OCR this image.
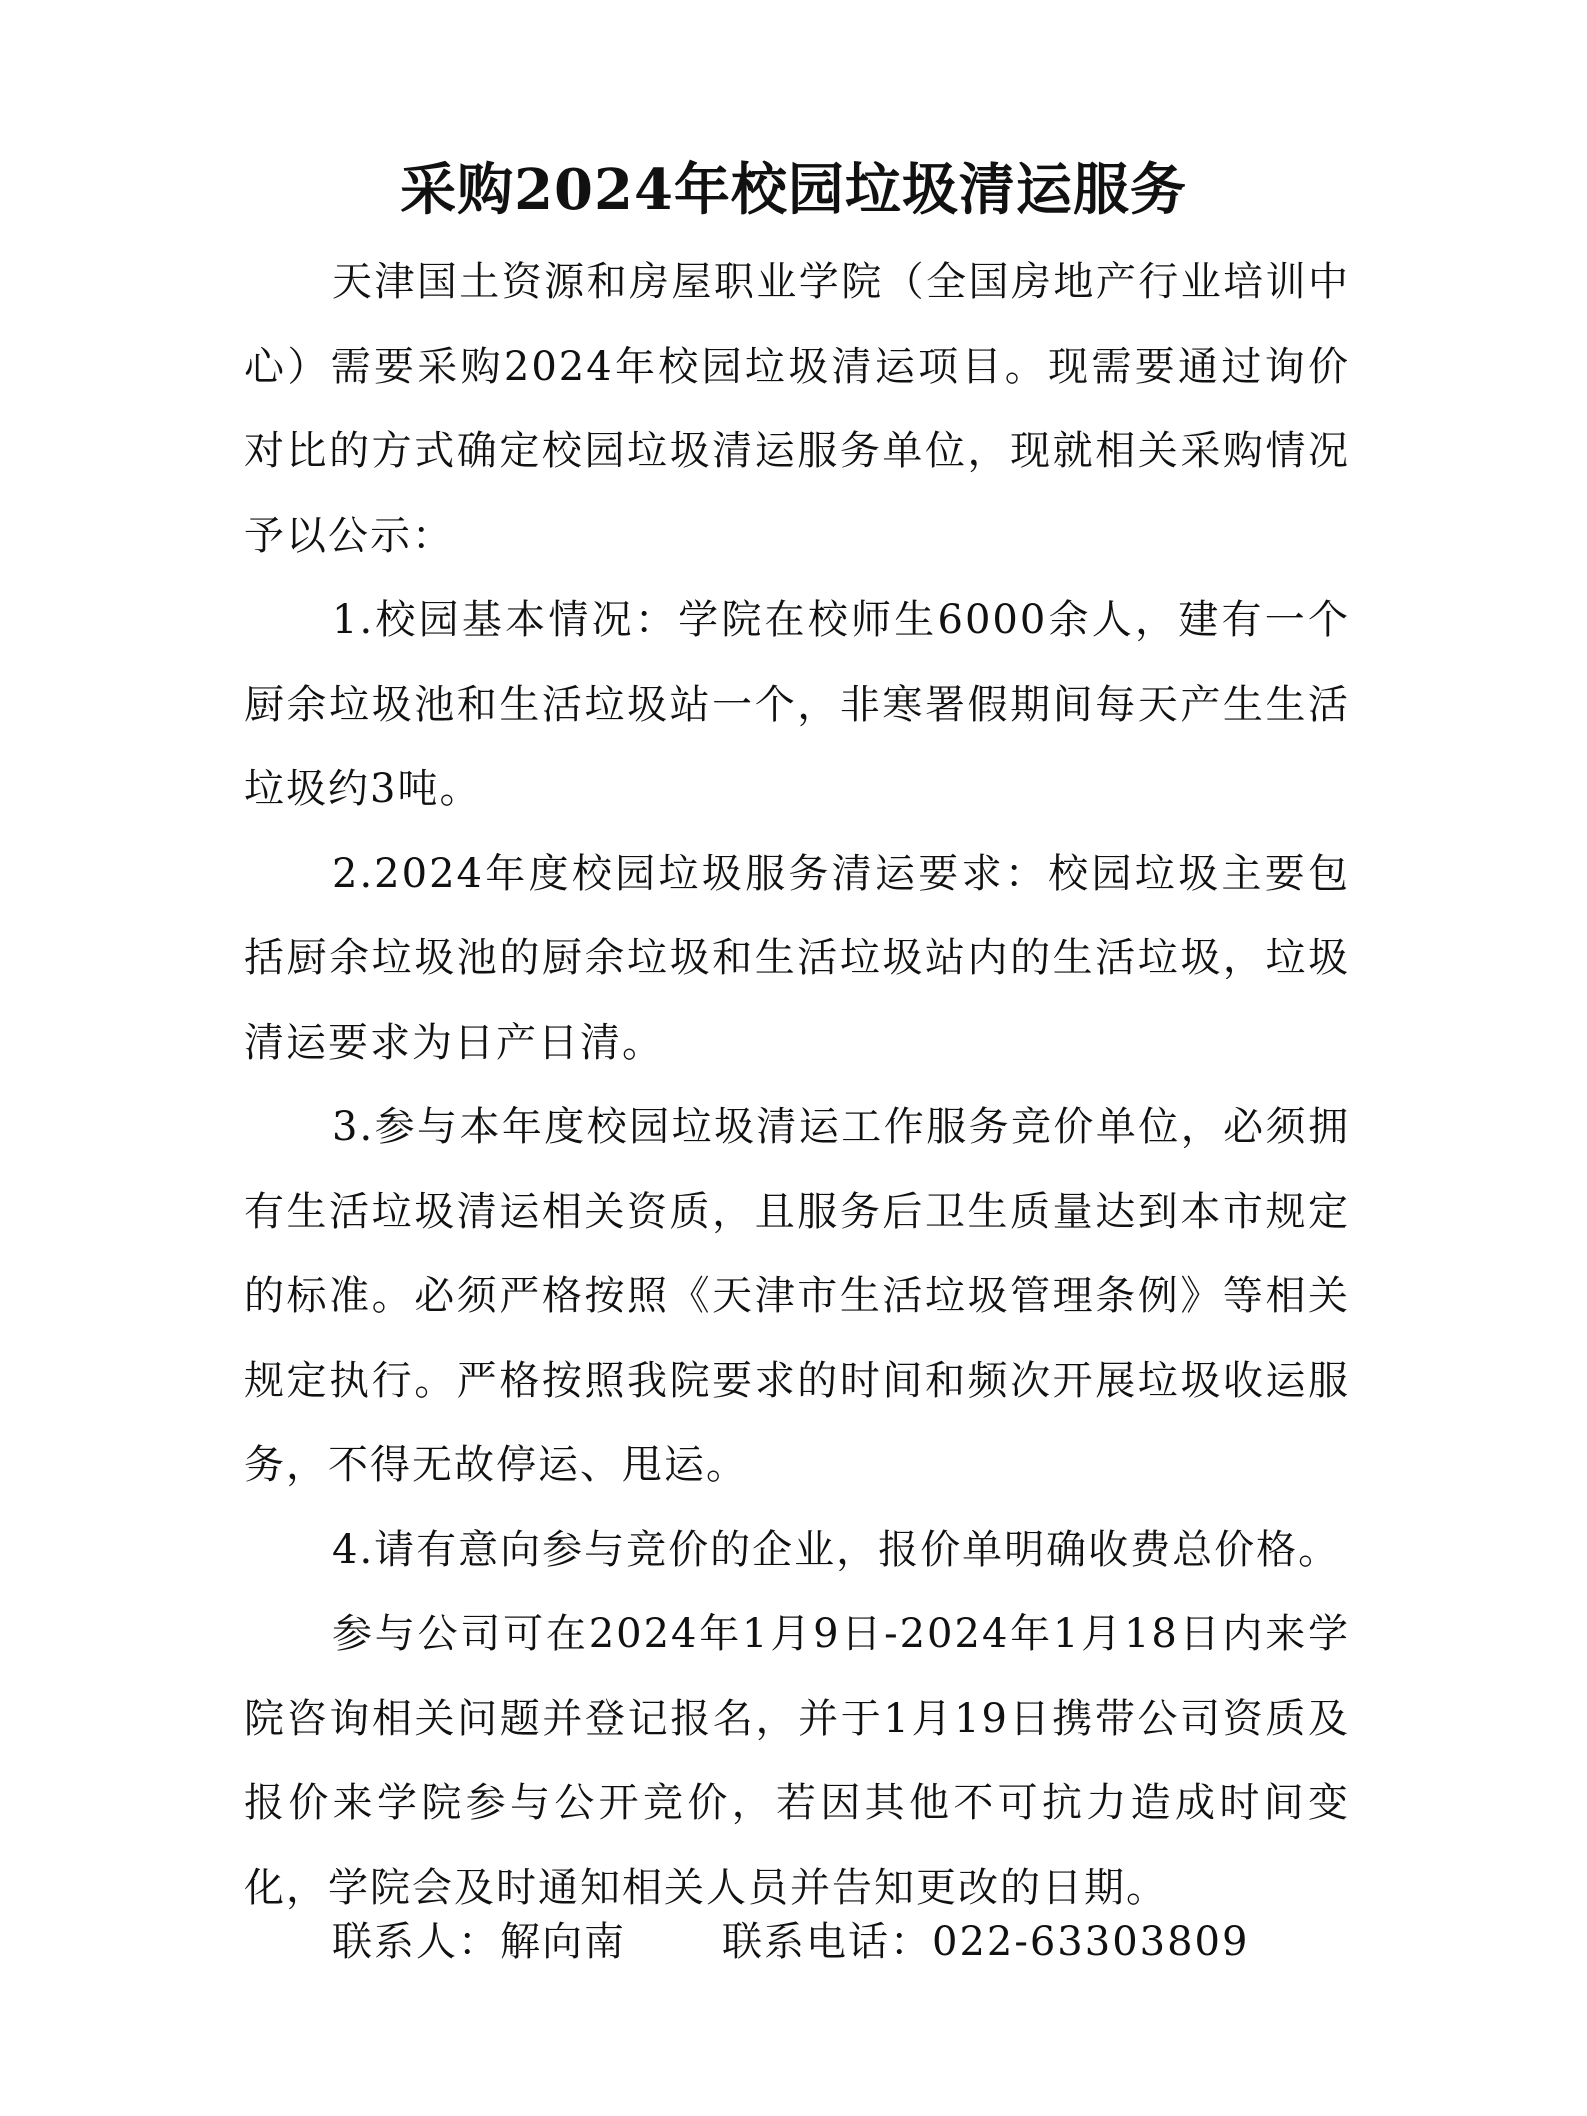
采购2024年校园垃圾清运服务

天津国土资源和房屋职业学院（全国房地产行业培训中心）需要采购2024年校园垃圾清运项目。现需要通过询价对比的方式确定校园垃圾清运服务单位，现就相关采购情况予以公示：

1.校园基本情况：学院在校师生6000余人，建有一个厨余垃圾池和生活垃圾站一个，非寒署假期间每天产生生活垃圾约3吨。

2.2024年度校园垃圾服务清运要求：校园垃圾主要包括厨余垃圾池的厨余垃圾和生活垃圾站内的生活垃圾，垃圾清运要求为日产日清。

3.参与本年度校园垃圾清运工作服务竞价单位，必须拥有生活垃圾清运相关资质，且服务后卫生质量达到本市规定的标准。必须严格按照《天津市生活垃圾管理条例》等相关规定执行。严格按照我院要求的时间和频次开展垃圾收运服务，不得无故停运、甩运。

4.请有意向参与竞价的企业，报价单明确收费总价格。

参与公司可在2024年1月9日-2024年1月18日内来学院咨询相关问题并登记报名，并于1月19日携带公司资质及报价来学院参与公开竞价，若因其他不可抗力造成时间变化，学院会及时通知相关人员并告知更改的日期。

联系人：解向南 联系电话：022-63303809
